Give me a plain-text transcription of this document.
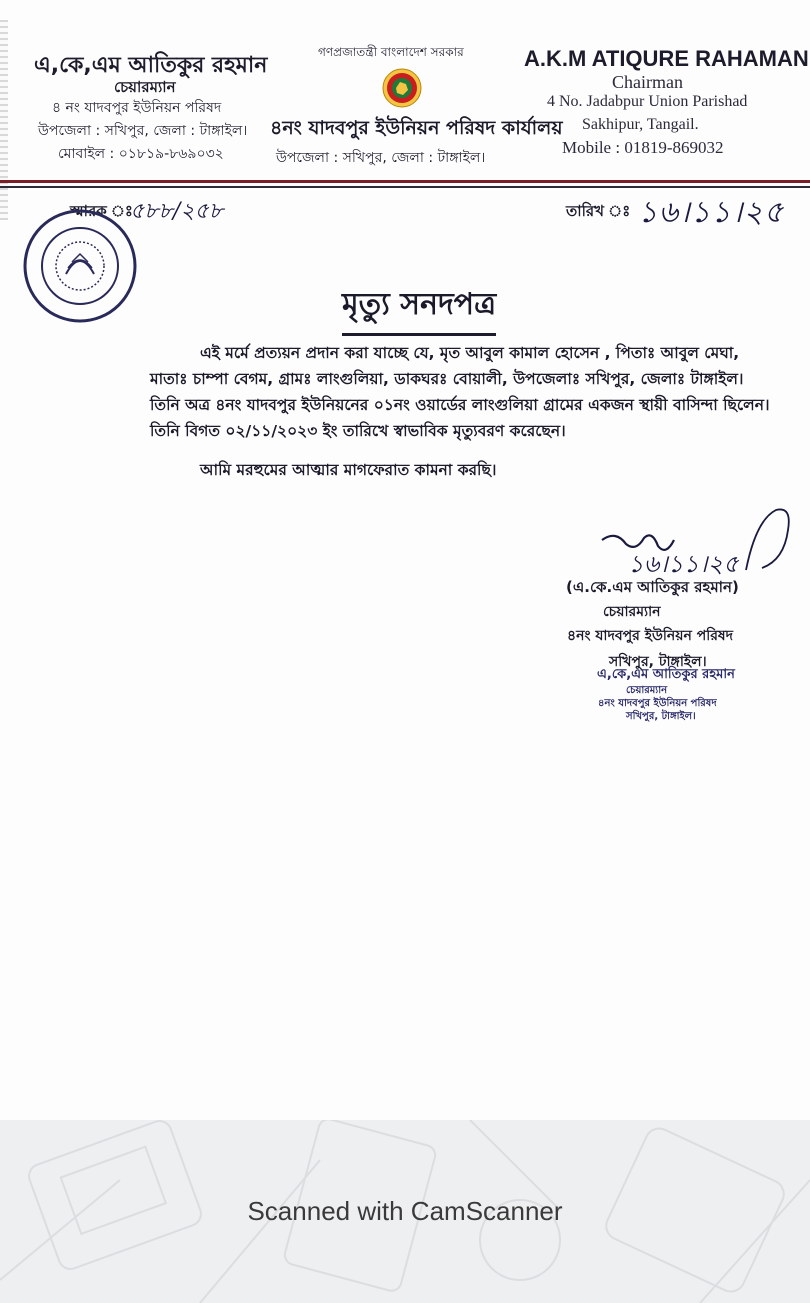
এ,কে,এম আতিকুর রহমান
চেয়ারম্যান
৪ নং যাদবপুর ইউনিয়ন পরিষদ
উপজেলা : সখিপুর, জেলা : টাঙ্গাইল।
মোবাইল : ০১৮১৯-৮৬৯০৩২
গণপ্রজাতন্ত্রী বাংলাদেশ সরকার
৪নং যাদবপুর ইউনিয়ন পরিষদ কার্যালয়
উপজেলা : সখিপুর, জেলা : টাঙ্গাইল।
A.K.M ATIQURE RAHAMAN
Chairman
4 No. Jadabpur Union Parishad
Sakhipur, Tangail.
Mobile : 01819-869032
স্মারক ঃ
৫৮৮/২৫৮	তারিখ ঃ ১৬।১১।২৫
মৃত্যু সনদপত্র
এই মর্মে প্রত্যয়ন প্রদান করা যাচ্ছে যে, মৃত আবুল কামাল হোসেন , পিতাঃ আবুল মেঘা, মাতাঃ চাম্পা বেগম, গ্রামঃ লাংগুলিয়া, ডাকঘরঃ বোয়ালী, উপজেলাঃ সখিপুর, জেলাঃ টাঙ্গাইল। তিনি অত্র ৪নং যাদবপুর ইউনিয়নের ০১নং ওয়ার্ডের লাংগুলিয়া গ্রামের একজন স্থায়ী বাসিন্দা ছিলেন। তিনি বিগত ০২/১১/২০২৩ ইং তারিখে স্বাভাবিক মৃত্যুবরণ করেছেন।
আমি মরহুমের আত্মার মাগফেরাত কামনা করছি।
১৬।১১।২৫
(এ.কে.এম আতিকুর রহমান)
চেয়ারম্যান
৪নং যাদবপুর ইউনিয়ন পরিষদ
সখিপুর, টাঙ্গাইল।
এ,কে,এম আতিকুর রহমান
চেয়ারম্যান
৪নং যাদবপুর ইউনিয়ন পরিষদ
সখিপুর, টাঙ্গাইল।
Scanned with CamScanner
